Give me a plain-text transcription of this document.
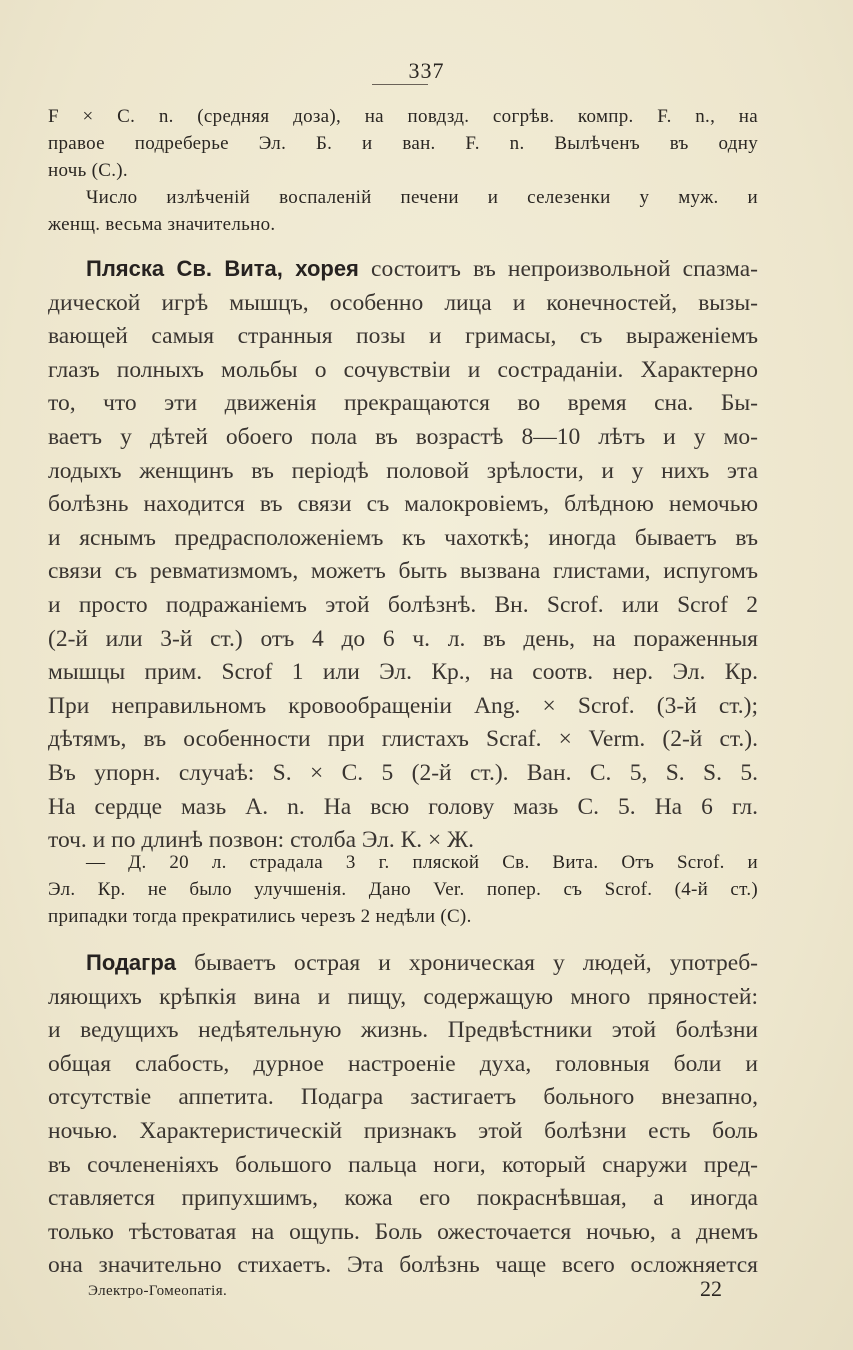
337
F × C. n. (средняя доза), на повдзд. согрѣв. компр. F. n., на
правое подреберье Эл. Б. и ван. F. n. Вылѣченъ въ одну
ночь (С.).
Число излѣченій воспаленій печени и селезенки у муж. и
женщ. весьма значительно.
Пляска Св. Вита, хорея состоитъ въ непроизвольной спазма-
дической игрѣ мышцъ, особенно лица и конечностей, вызы-
вающей самыя странныя позы и гримасы, съ выраженіемъ
глазъ полныхъ мольбы о сочувствіи и состраданіи. Характерно
то, что эти движенія прекращаются во время сна. Бы-
ваетъ у дѣтей обоего пола въ возрастѣ 8—10 лѣтъ и у мо-
лодыхъ женщинъ въ періодѣ половой зрѣлости, и у нихъ эта
болѣзнь находится въ связи съ малокровіемъ, блѣдною немочью
и яснымъ предрасположеніемъ къ чахоткѣ; иногда бываетъ въ
связи съ ревматизмомъ, можетъ быть вызвана глистами, испугомъ
и просто подражаніемъ этой болѣзнѣ. Вн. Scrof. или Scrof 2
(2-й или 3-й ст.) отъ 4 до 6 ч. л. въ день, на пораженныя
мышцы прим. Scrof 1 или Эл. Кр., на соотв. нер. Эл. Кр.
При неправильномъ кровообращеніи Ang. × Scrof. (3-й ст.);
дѣтямъ, въ особенности при глистахъ Scraf. × Verm. (2-й ст.).
Въ упорн. случаѣ: S. × C. 5 (2-й ст.). Ван. C. 5, S. S. 5.
На сердце мазь А. n. На всю голову мазь C. 5. На 6 гл.
точ. и по длинѣ позвон: столба Эл. К. × Ж.
— Д. 20 л. страдала 3 г. пляской Св. Вита. Отъ Scrof. и
Эл. Кр. не было улучшенія. Дано Ver. попер. съ Scrof. (4-й ст.)
припадки тогда прекратились черезъ 2 недѣли (С).
Подагра бываетъ острая и хроническая у людей, употреб-
ляющихъ крѣпкія вина и пищу, содержащую много пряностей:
и ведущихъ недѣятельную жизнь. Предвѣстники этой болѣзни
общая слабость, дурное настроеніе духа, головныя боли и
отсутствіе аппетита. Подагра застигаетъ больного внезапно,
ночью. Характеристическій признакъ этой болѣзни есть боль
въ сочлененіяхъ большого пальца ноги, который снаружи пред-
ставляется припухшимъ, кожа его покраснѣвшая, а иногда
только тѣстоватая на ощупь. Боль ожесточается ночью, а днемъ
она значительно стихаетъ. Эта болѣзнь чаще всего осложняется
Электро-Гомеопатія.	22
